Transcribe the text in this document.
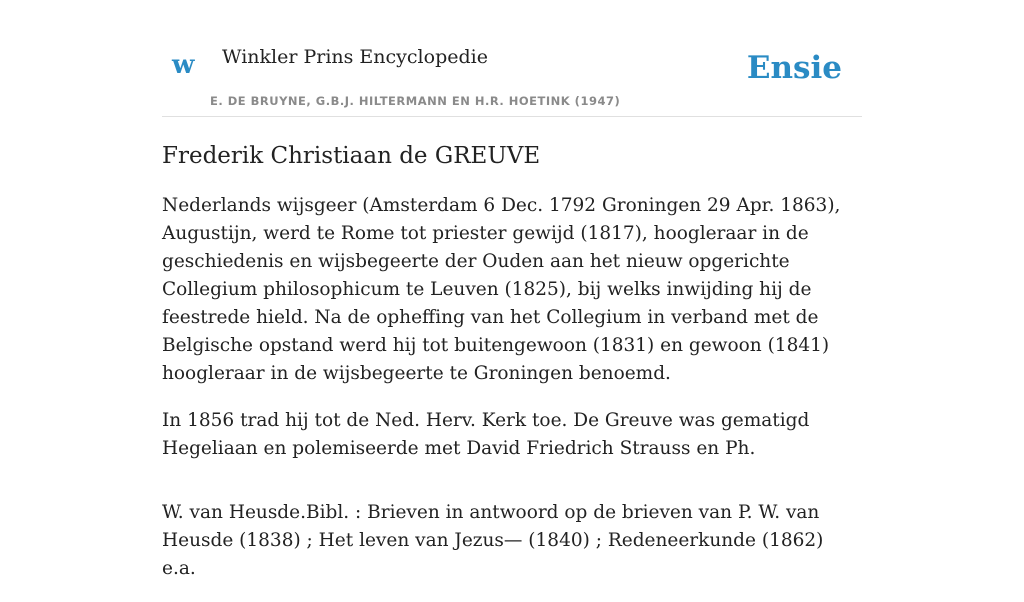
w Winkler Prins Encyclopedie
E. DE BRUYNE, G.B.J. HILTERMANN EN H.R. HOETINK (1947)
Ensie
Frederik Christiaan de GREUVE

Nederlands wijsgeer (Amsterdam 6 Dec. 1792 Groningen 29 Apr. 1863), Augustijn, werd te Rome tot priester gewijd (1817), hoogleraar in de geschiedenis en wijsbegeerte der Ouden aan het nieuw opgerichte Collegium philosophicum te Leuven (1825), bij welks inwijding hij de feestrede hield. Na de opheffing van het Collegium in verband met de Belgische opstand werd hij tot buitengewoon (1831) en gewoon (1841) hoogleraar in de wijsbegeerte te Groningen benoemd.

In 1856 trad hij tot de Ned. Herv. Kerk toe. De Greuve was gematigd Hegeliaan en polemiseerde met David Friedrich Strauss en Ph.

W. van Heusde.Bibl. : Brieven in antwoord op de brieven van P. W. van Heusde (1838) ; Het leven van Jezus— (1840) ; Redeneerkunde (1862) e.a.
